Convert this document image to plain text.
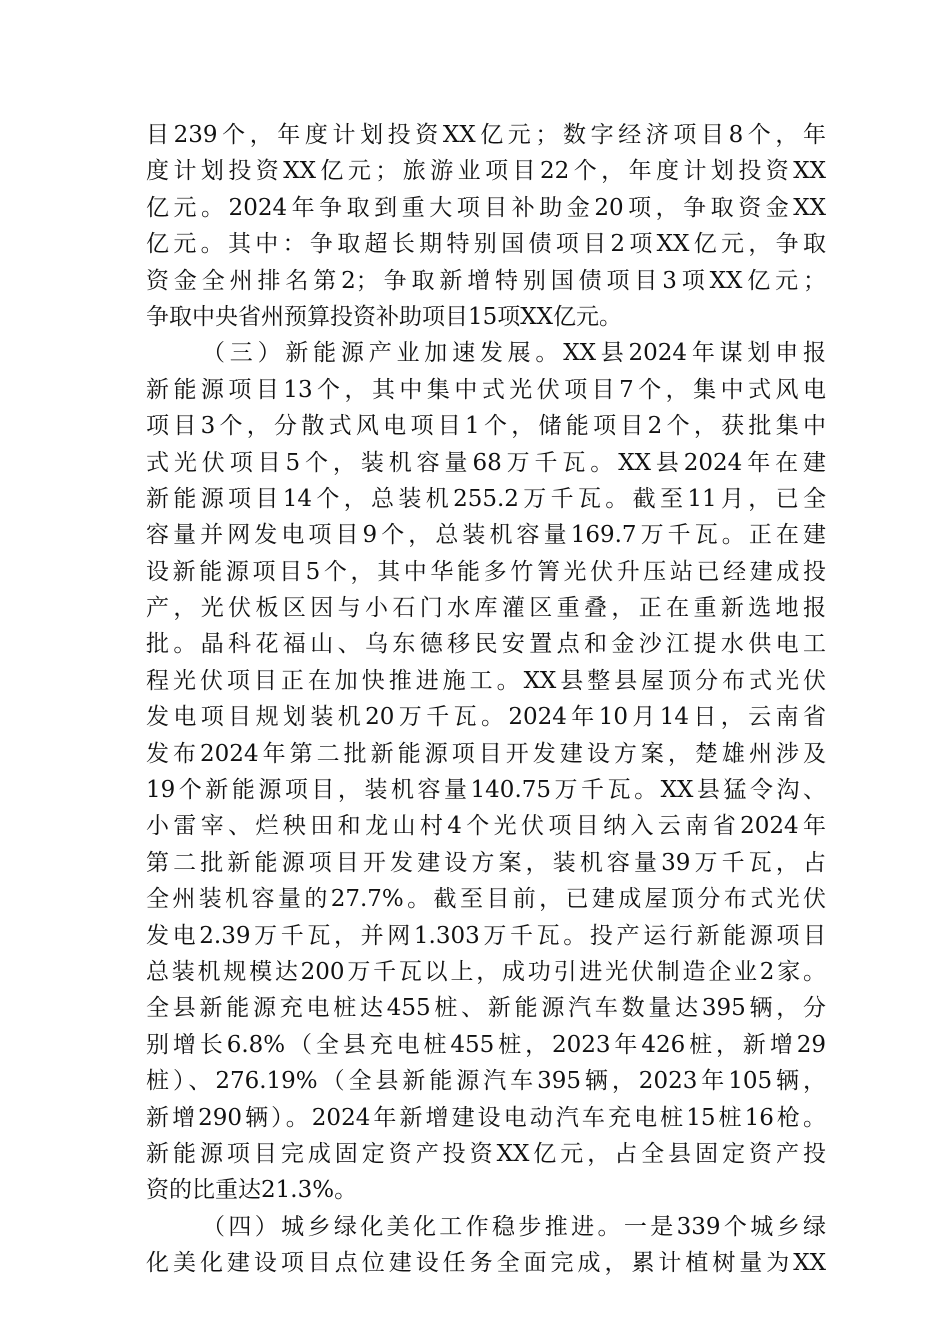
目239个，年度计划投资XX亿元；数字经济项目8个，年
度计划投资XX亿元；旅游业项目22个，年度计划投资XX
亿元。2024年争取到重大项目补助金20项，争取资金XX
亿元。其中：争取超长期特别国债项目2项XX亿元，争取
资金全州排名第2；争取新增特别国债项目3项XX亿元；
争取中央省州预算投资补助项目15项XX亿元。
（三）新能源产业加速发展。XX县2024年谋划申报
新能源项目13个，其中集中式光伏项目7个，集中式风电
项目3个，分散式风电项目1个，储能项目2个，获批集中
式光伏项目5个，装机容量68万千瓦。XX县2024年在建
新能源项目14个，总装机255.2万千瓦。截至11月，已全
容量并网发电项目9个，总装机容量169.7万千瓦。正在建
设新能源项目5个，其中华能多竹箐光伏升压站已经建成投
产，光伏板区因与小石门水库灌区重叠，正在重新选地报
批。晶科花福山、乌东德移民安置点和金沙江提水供电工
程光伏项目正在加快推进施工。XX县整县屋顶分布式光伏
发电项目规划装机20万千瓦。2024年10月14日，云南省
发布2024年第二批新能源项目开发建设方案，楚雄州涉及
19个新能源项目，装机容量140.75万千瓦。XX县猛令沟、
小雷宰、烂秧田和龙山村4个光伏项目纳入云南省2024年
第二批新能源项目开发建设方案，装机容量39万千瓦，占
全州装机容量的27.7%。截至目前，已建成屋顶分布式光伏
发电2.39万千瓦，并网1.303万千瓦。投产运行新能源项目
总装机规模达200万千瓦以上，成功引进光伏制造企业2家。
全县新能源充电桩达455桩、新能源汽车数量达395辆，分
别增长6.8%（全县充电桩455桩，2023年426桩，新增29
桩）、276.19%（全县新能源汽车395辆，2023年105辆，
新增290辆）。2024年新增建设电动汽车充电桩15桩16枪。
新能源项目完成固定资产投资XX亿元，占全县固定资产投
资的比重达21.3%。
（四）城乡绿化美化工作稳步推进。一是339个城乡绿
化美化建设项目点位建设任务全面完成，累计植树量为XX
